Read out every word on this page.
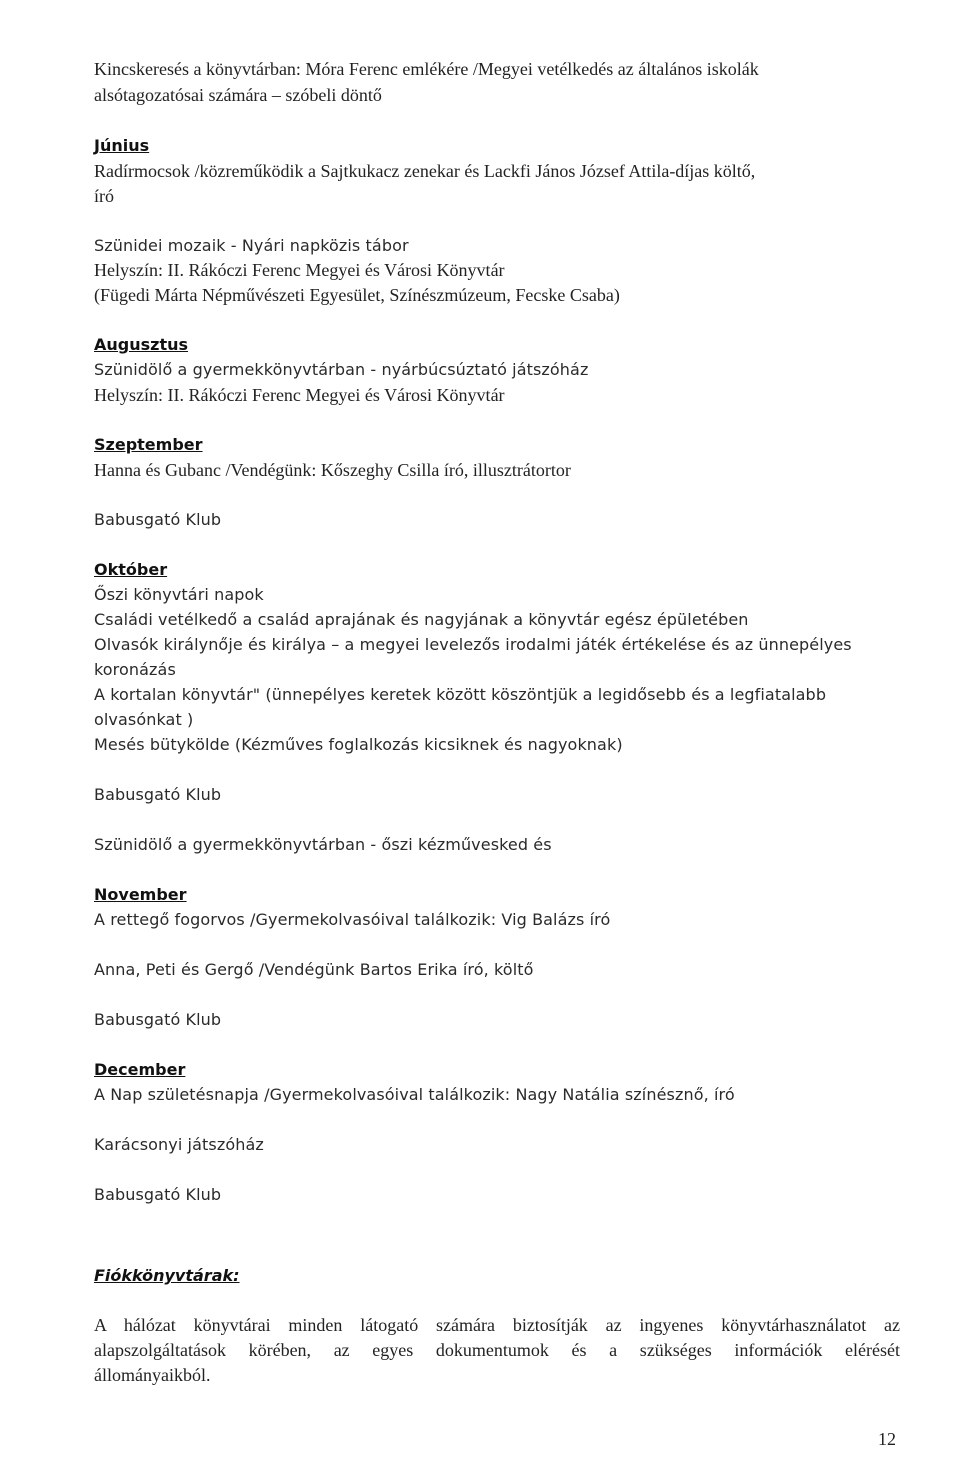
Kincskeresés a könyvtárban: Móra Ferenc emlékére /Megyei vetélkedés az általános iskolák
alsótagozatósai számára – szóbeli döntő
Június
Radírmocsok /közreműködik a Sajtkukacz zenekar és Lackfi János József Attila-díjas költő,
író
Szünidei mozaik - Nyári napközis tábor
Helyszín: II. Rákóczi Ferenc Megyei és Városi Könyvtár
(Fügedi Márta Népművészeti Egyesület, Színészmúzeum, Fecske Csaba)
Augusztus
Szünidölő a gyermekkönyvtárban - nyárbúcsúztató játszóház
Helyszín: II. Rákóczi Ferenc Megyei és Városi Könyvtár
Szeptember
Hanna és Gubanc /Vendégünk: Kőszeghy Csilla író, illusztrátortor
Babusgató Klub
Október
Őszi könyvtári napok
Családi vetélkedő a család aprajának és nagyjának a könyvtár egész épületében
Olvasók királynője és királya – a megyei levelezős irodalmi játék értékelése és az ünnepélyes
koronázás
A kortalan könyvtár" (ünnepélyes keretek között köszöntjük a legidősebb és a legfiatalabb
olvasónkat )
Mesés bütykölde (Kézműves foglalkozás kicsiknek és nagyoknak)
Babusgató Klub
Szünidölő a gyermekkönyvtárban - őszi kézművesked és
November
A rettegő fogorvos /Gyermekolvasóival találkozik: Vig Balázs író
Anna, Peti és Gergő /Vendégünk Bartos Erika író, költő
Babusgató Klub
December
A Nap születésnapja /Gyermekolvasóival találkozik: Nagy Natália színésznő, író
Karácsonyi játszóház
Babusgató Klub
Fiókkönyvtárak:
A hálózat könyvtárai minden látogató számára biztosítják az ingyenes könyvtárhasználatot az
alapszolgáltatások körében, az egyes dokumentumok és a szükséges információk elérését
állományaikból.
12
